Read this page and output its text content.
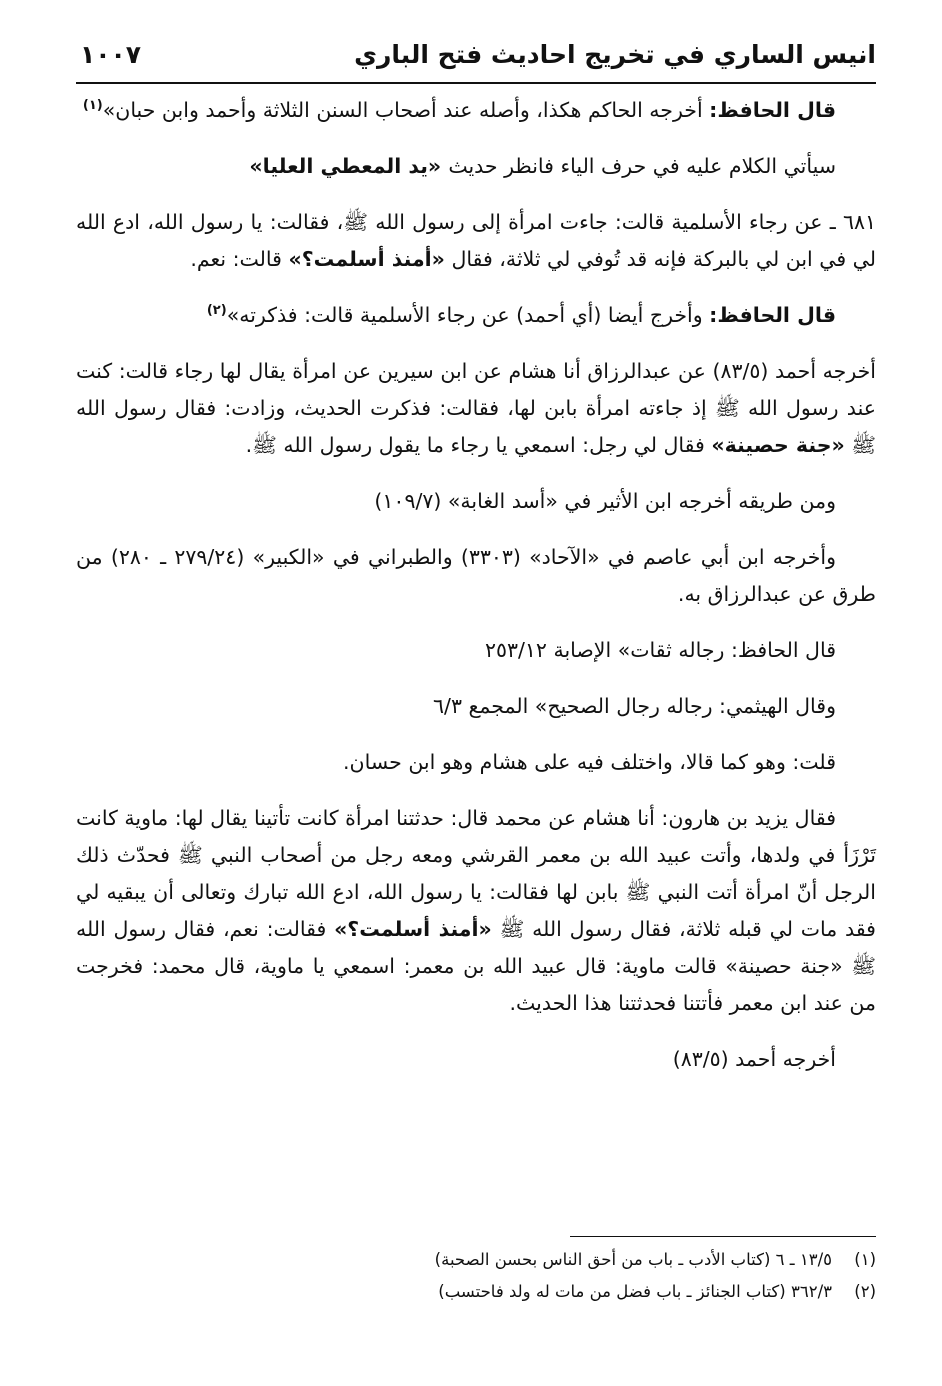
انيس الساري في تخريج احاديث فتح الباري
١٠٠٧

قال الحافظ: أخرجه الحاكم هكذا، وأصله عند أصحاب السنن الثلاثة وأحمد وابن حبان»$^{(١)}$

سيأتي الكلام عليه في حرف الياء فانظر حديث «يد المعطي العليا»

٦٨١ ـ عن رجاء الأسلمية قالت: جاءت امرأة إلى رسول الله ﷺ، فقالت: يا رسول الله، ادع الله لي في ابن لي بالبركة فإنه قد تُوفي لي ثلاثة، فقال «أمنذ أسلمت؟» قالت: نعم.

قال الحافظ: وأخرج أيضا (أي أحمد) عن رجاء الأسلمية قالت: فذكرته»$^{(٢)}$

أخرجه أحمد (٨٣/٥) عن عبدالرزاق أنا هشام عن ابن سيرين عن امرأة يقال لها رجاء قالت: كنت عند رسول الله ﷺ إذ جاءته امرأة بابن لها، فقالت: فذكرت الحديث، وزادت: فقال رسول الله ﷺ «جنة حصينة» فقال لي رجل: اسمعي يا رجاء ما يقول رسول الله ﷺ.

ومن طريقه أخرجه ابن الأثير في «أسد الغابة» (١٠٩/٧)

وأخرجه ابن أبي عاصم في «الآحاد» (٣٣٠٣) والطبراني في «الكبير» (٢٧٩/٢٤ ـ ٢٨٠) من طرق عن عبدالرزاق به.

قال الحافظ: رجاله ثقات» الإصابة ٢٥٣/١٢

وقال الهيثمي: رجاله رجال الصحيح» المجمع ٦/٣

قلت: وهو كما قالا، واختلف فيه على هشام وهو ابن حسان.

فقال يزيد بن هارون: أنا هشام عن محمد قال: حدثتنا امرأة كانت تأتينا يقال لها: ماوية كانت تَرْزَأ في ولدها، وأتت عبيد الله بن معمر القرشي ومعه رجل من أصحاب النبي ﷺ فحدّث ذلك الرجل أنّ امرأة أتت النبي ﷺ بابن لها فقالت: يا رسول الله، ادع الله تبارك وتعالى أن يبقيه لي فقد مات لي قبله ثلاثة، فقال رسول الله ﷺ «أمنذ أسلمت؟» فقالت: نعم، فقال رسول الله ﷺ «جنة حصينة» قالت ماوية: قال عبيد الله بن معمر: اسمعي يا ماوية، قال محمد: فخرجت من عند ابن معمر فأتتنا فحدثتنا هذا الحديث.

أخرجه أحمد (٨٣/٥)

(١)١٣/٥ ـ ٦ (كتاب الأدب ـ باب من أحق الناس بحسن الصحبة)
(٢)٣٦٢/٣ (كتاب الجنائز ـ باب فضل من مات له ولد فاحتسب)
